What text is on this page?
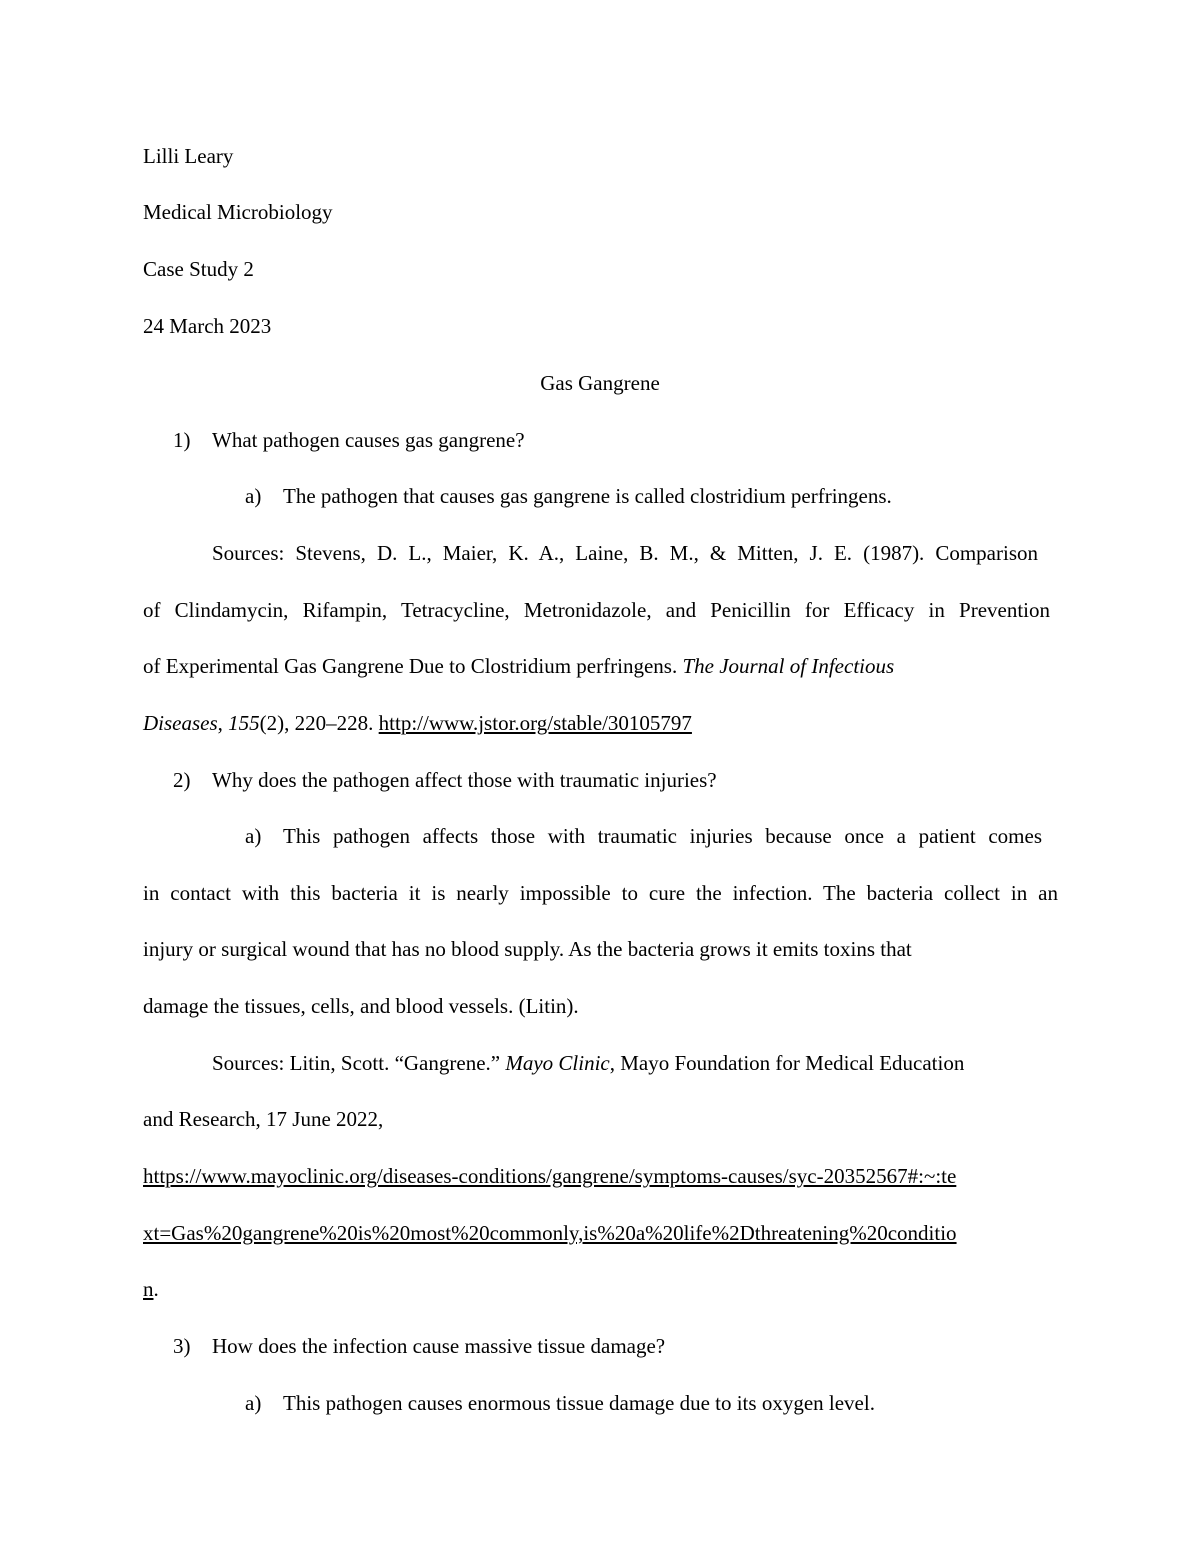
Lilli Leary
Medical Microbiology
Case Study 2
24 March 2023
Gas Gangrene
1) What pathogen causes gas gangrene?
a) The pathogen that causes gas gangrene is called clostridium perfringens.
Sources: Stevens, D. L., Maier, K. A., Laine, B. M., & Mitten, J. E. (1987). Comparison
of Clindamycin, Rifampin, Tetracycline, Metronidazole, and Penicillin for Efficacy in Prevention
of Experimental Gas Gangrene Due to Clostridium perfringens. The Journal of Infectious
Diseases, 155(2), 220–228. http://www.jstor.org/stable/30105797
2) Why does the pathogen affect those with traumatic injuries?
a) This pathogen affects those with traumatic injuries because once a patient comes
in contact with this bacteria it is nearly impossible to cure the infection. The bacteria collect in an
injury or surgical wound that has no blood supply. As the bacteria grows it emits toxins that
damage the tissues, cells, and blood vessels. (Litin).
Sources: Litin, Scott. “Gangrene.” Mayo Clinic, Mayo Foundation for Medical Education
and Research, 17 June 2022,
https://www.mayoclinic.org/diseases-conditions/gangrene/symptoms-causes/syc-20352567#:~:te
xt=Gas%20gangrene%20is%20most%20commonly,is%20a%20life%2Dthreatening%20conditio
n.
3) How does the infection cause massive tissue damage?
a) This pathogen causes enormous tissue damage due to its oxygen level.
